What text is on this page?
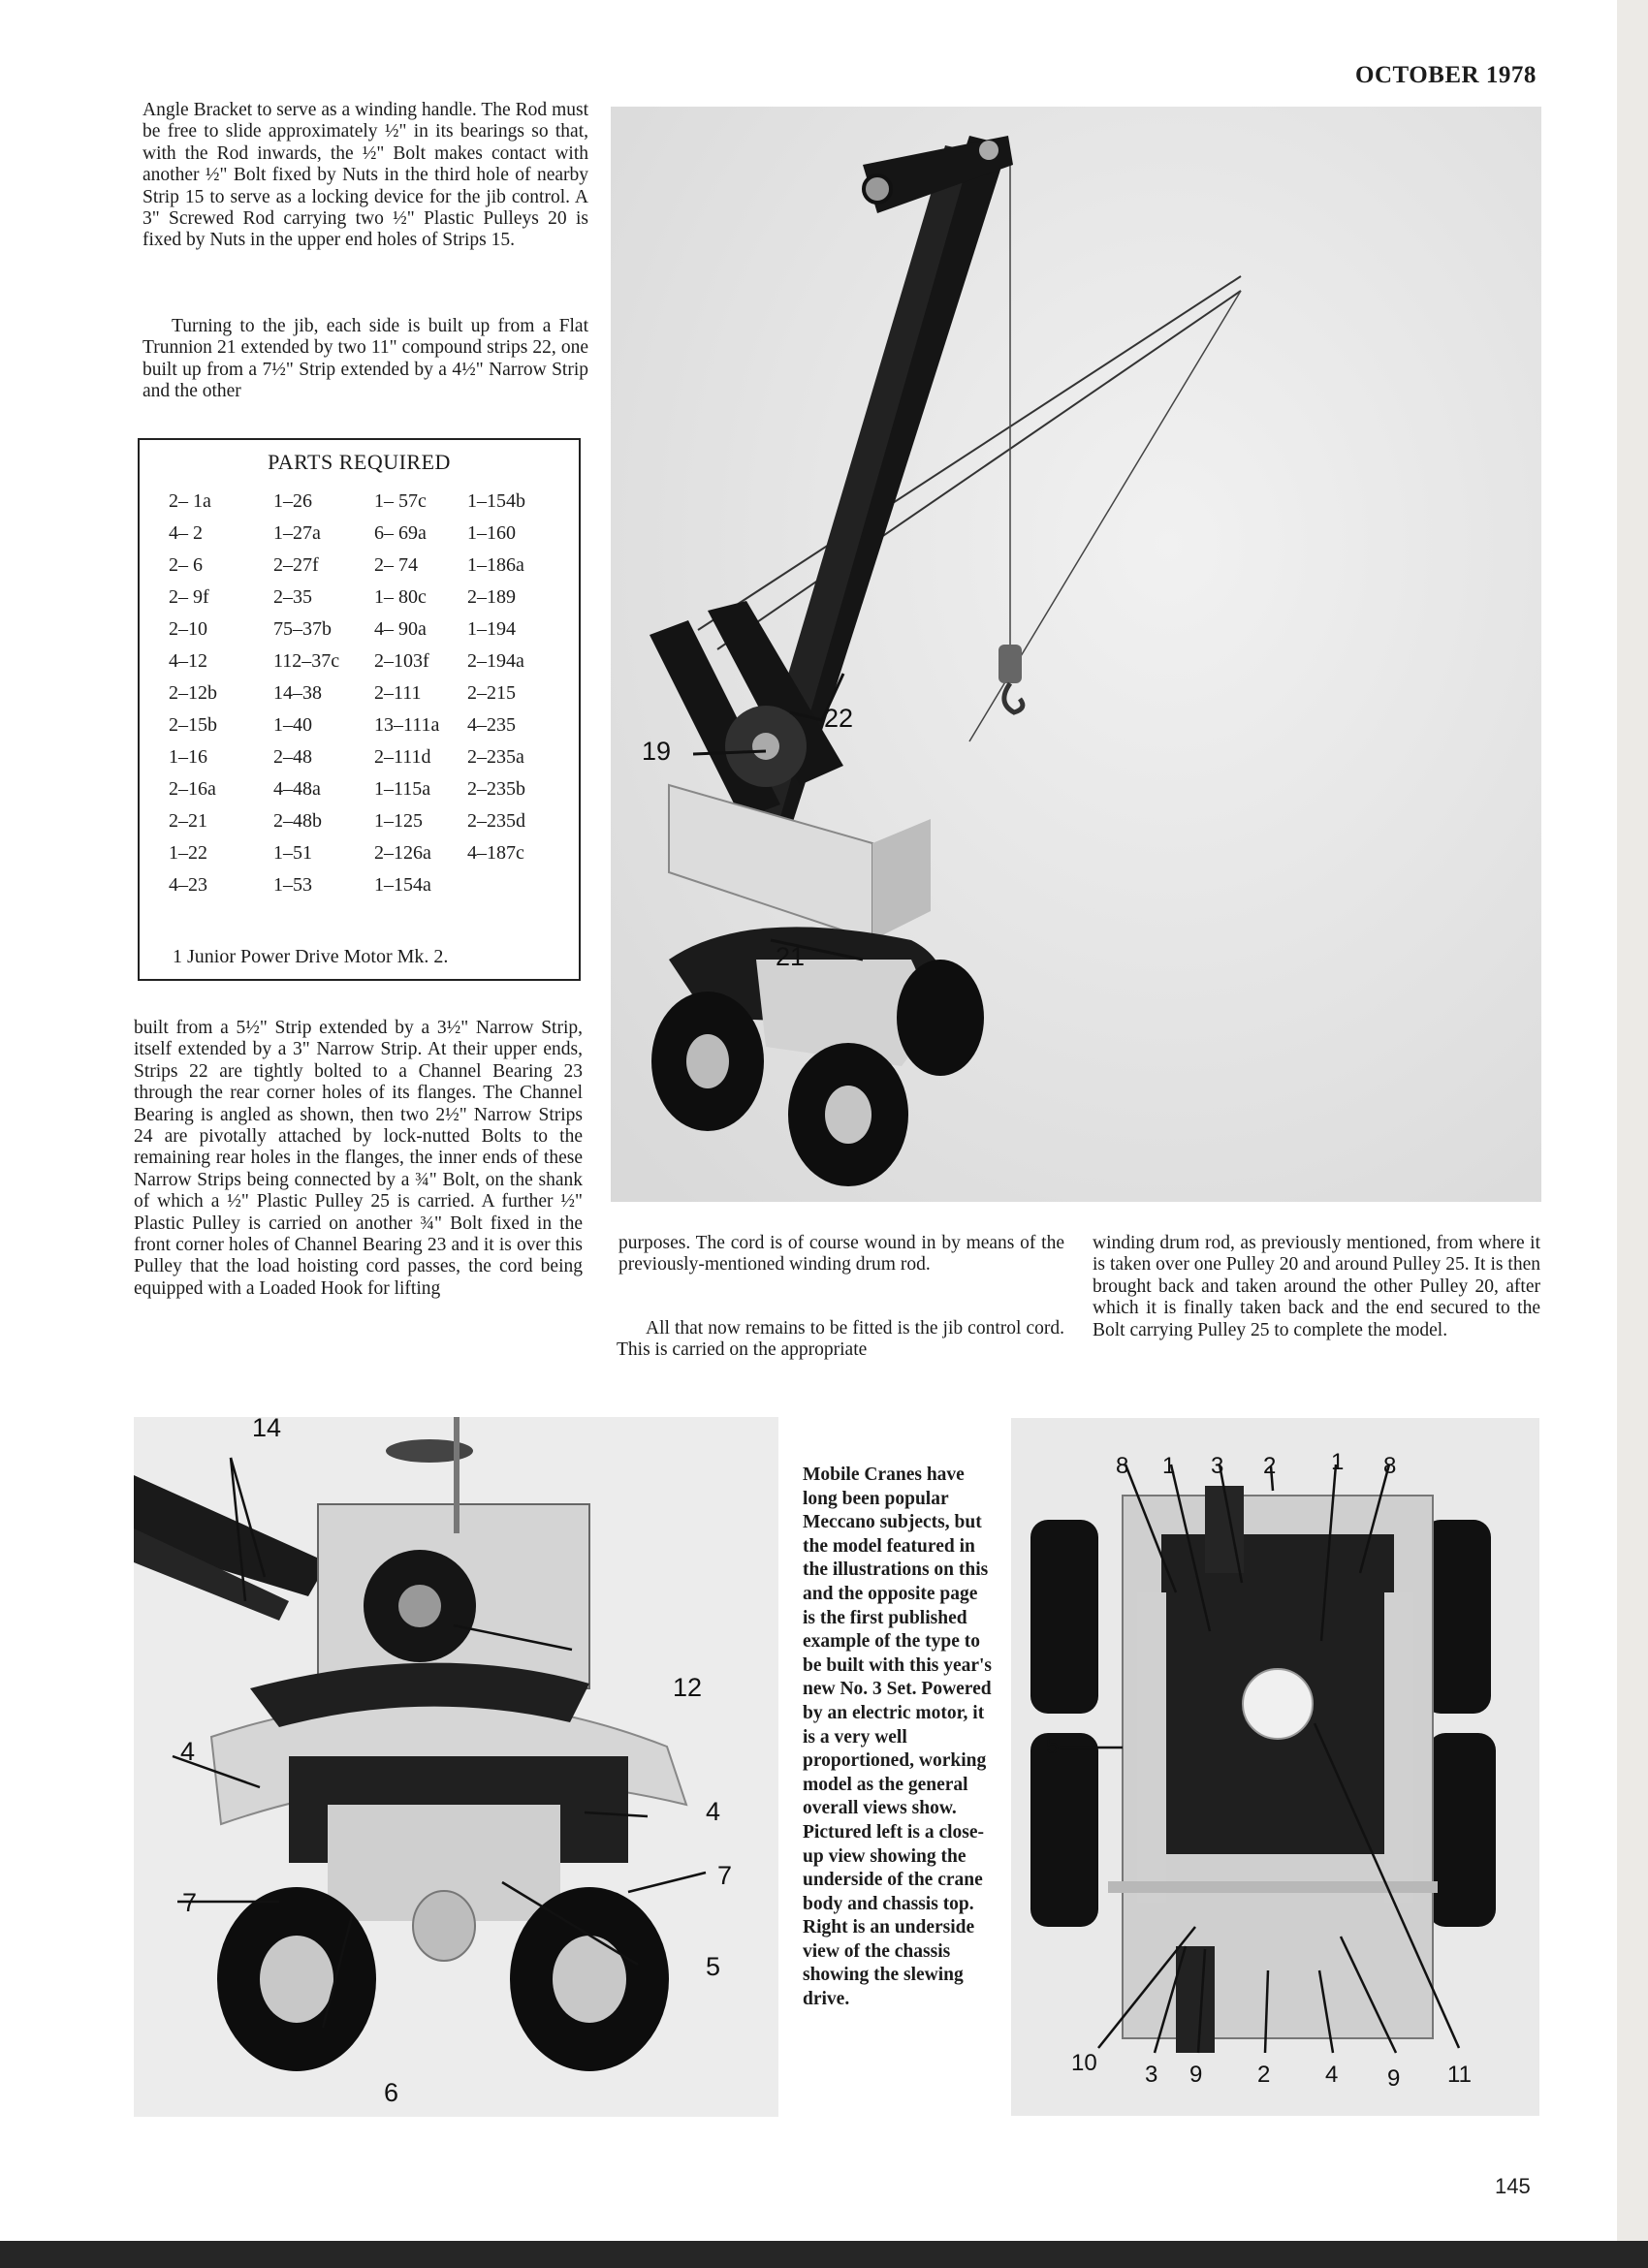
OCTOBER 1978

Angle Bracket to serve as a winding handle. The Rod must be free to slide approximately ½" in its bearings so that, with the Rod inwards, the ½" Bolt makes contact with another ½" Bolt fixed by Nuts in the third hole of nearby Strip 15 to serve as a locking device for the jib control. A 3" Screwed Rod carrying two ½" Plastic Pulleys 20 is fixed by Nuts in the upper end holes of Strips 15.

Turning to the jib, each side is built up from a Flat Trunnion 21 extended by two 11" compound strips 22, one built up from a 7½" Strip extended by a 4½" Narrow Strip and the other

PARTS REQUIRED
2– 1a	1–26	1– 57c	1–154b
4– 2	1–27a	6– 69a	1–160
2– 6	2–27f	2– 74	1–186a
2– 9f	2–35	1– 80c	2–189
2–10	75–37b	4– 90a	1–194
4–12	112–37c	2–103f	2–194a
2–12b	14–38	2–111	2–215
2–15b	1–40	13–111a	4–235
1–16	2–48	2–111d	2–235a
2–16a	4–48a	1–115a	2–235b
2–21	2–48b	1–125	2–235d
1–22	1–51	2–126a	4–187c
4–23	1–53	1–154a
1 Junior Power Drive Motor Mk. 2.

built from a 5½" Strip extended by a 3½" Narrow Strip, itself extended by a 3" Narrow Strip. At their upper ends, Strips 22 are tightly bolted to a Channel Bearing 23 through the rear corner holes of its flanges. The Channel Bearing is angled as shown, then two 2½" Narrow Strips 24 are pivotally attached by lock-nutted Bolts to the remaining rear holes in the flanges, the inner ends of these Narrow Strips being connected by a ¾" Bolt, on the shank of which a ½" Plastic Pulley 25 is carried. A further ½" Plastic Pulley is carried on another ¾" Bolt fixed in the front corner holes of Channel Bearing 23 and it is over this Pulley that the load hoisting cord passes, the cord being equipped with a Loaded Hook for lifting

purposes. The cord is of course wound in by means of the previously-mentioned winding drum rod.

All that now remains to be fitted is the jib control cord. This is carried on the appropriate

winding drum rod, as previously mentioned, from where it is taken over one Pulley 20 and around Pulley 25. It is then brought back and taken around the other Pulley 20, after which it is finally taken back and the end secured to the Bolt carrying Pulley 25 to complete the model.

Mobile Cranes have long been popular Meccano subjects, but the model featured in the illustrations on this and the opposite page is the first published example of the type to be built with this year's new No. 3 Set. Powered by an electric motor, it is a very well proportioned, working model as the general overall views show. Pictured left is a close-up view showing the underside of the crane body and chassis top. Right is an underside view of the chassis showing the slewing drive.

19
22
21
14
12
4
4
7
7
5
6
8 1 3 2 1 8
5
10 3 9 2 4 9 11
145
